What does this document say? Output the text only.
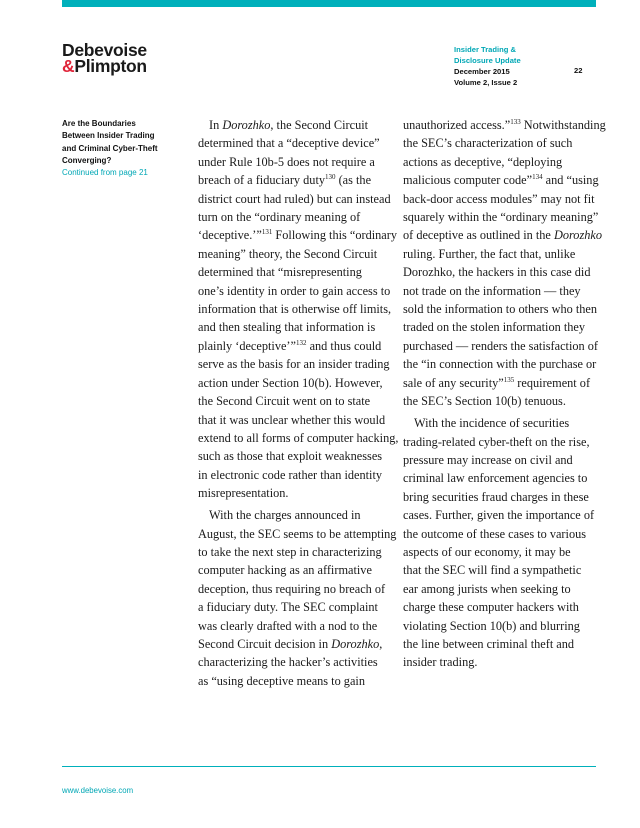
Debevoise
&Plimpton
Insider Trading &
Disclosure Update
December 2015
Volume 2, Issue 2
22
Are the Boundaries
Between Insider Trading
and Criminal Cyber-Theft
Converging?
Continued from page 21
In Dorozhko, the Second Circuit
determined that a “deceptive device”
under Rule 10b-5 does not require a
breach of a fiduciary duty$^{130}$ (as the
district court had ruled) but can instead
turn on the “ordinary meaning of
‘deceptive.’”$^{131}$ Following this “ordinary
meaning” theory, the Second Circuit
determined that “misrepresenting
one’s identity in order to gain access to
information that is otherwise off limits,
and then stealing that information is
plainly ‘deceptive’”$^{132}$ and thus could
serve as the basis for an insider trading
action under Section 10(b). However,
the Second Circuit went on to state
that it was unclear whether this would
extend to all forms of computer hacking,
such as those that exploit weaknesses
in electronic code rather than identity
misrepresentation.
With the charges announced in
August, the SEC seems to be attempting
to take the next step in characterizing
computer hacking as an affirmative
deception, thus requiring no breach of
a fiduciary duty. The SEC complaint
was clearly drafted with a nod to the
Second Circuit decision in Dorozhko,
characterizing the hacker’s activities
as “using deceptive means to gain
unauthorized access.”$^{133}$ Notwithstanding
the SEC’s characterization of such
actions as deceptive, “deploying
malicious computer code”$^{134}$ and “using
back-door access modules” may not fit
squarely within the “ordinary meaning”
of deceptive as outlined in the Dorozhko
ruling. Further, the fact that, unlike
Dorozhko, the hackers in this case did
not trade on the information — they
sold the information to others who then
traded on the stolen information they
purchased — renders the satisfaction of
the “in connection with the purchase or
sale of any security”$^{135}$ requirement of
the SEC’s Section 10(b) tenuous.
With the incidence of securities
trading-related cyber-theft on the rise,
pressure may increase on civil and
criminal law enforcement agencies to
bring securities fraud charges in these
cases. Further, given the importance of
the outcome of these cases to various
aspects of our economy, it may be
that the SEC will find a sympathetic
ear among jurists when seeking to
charge these computer hackers with
violating Section 10(b) and blurring
the line between criminal theft and
insider trading.
www.debevoise.com
